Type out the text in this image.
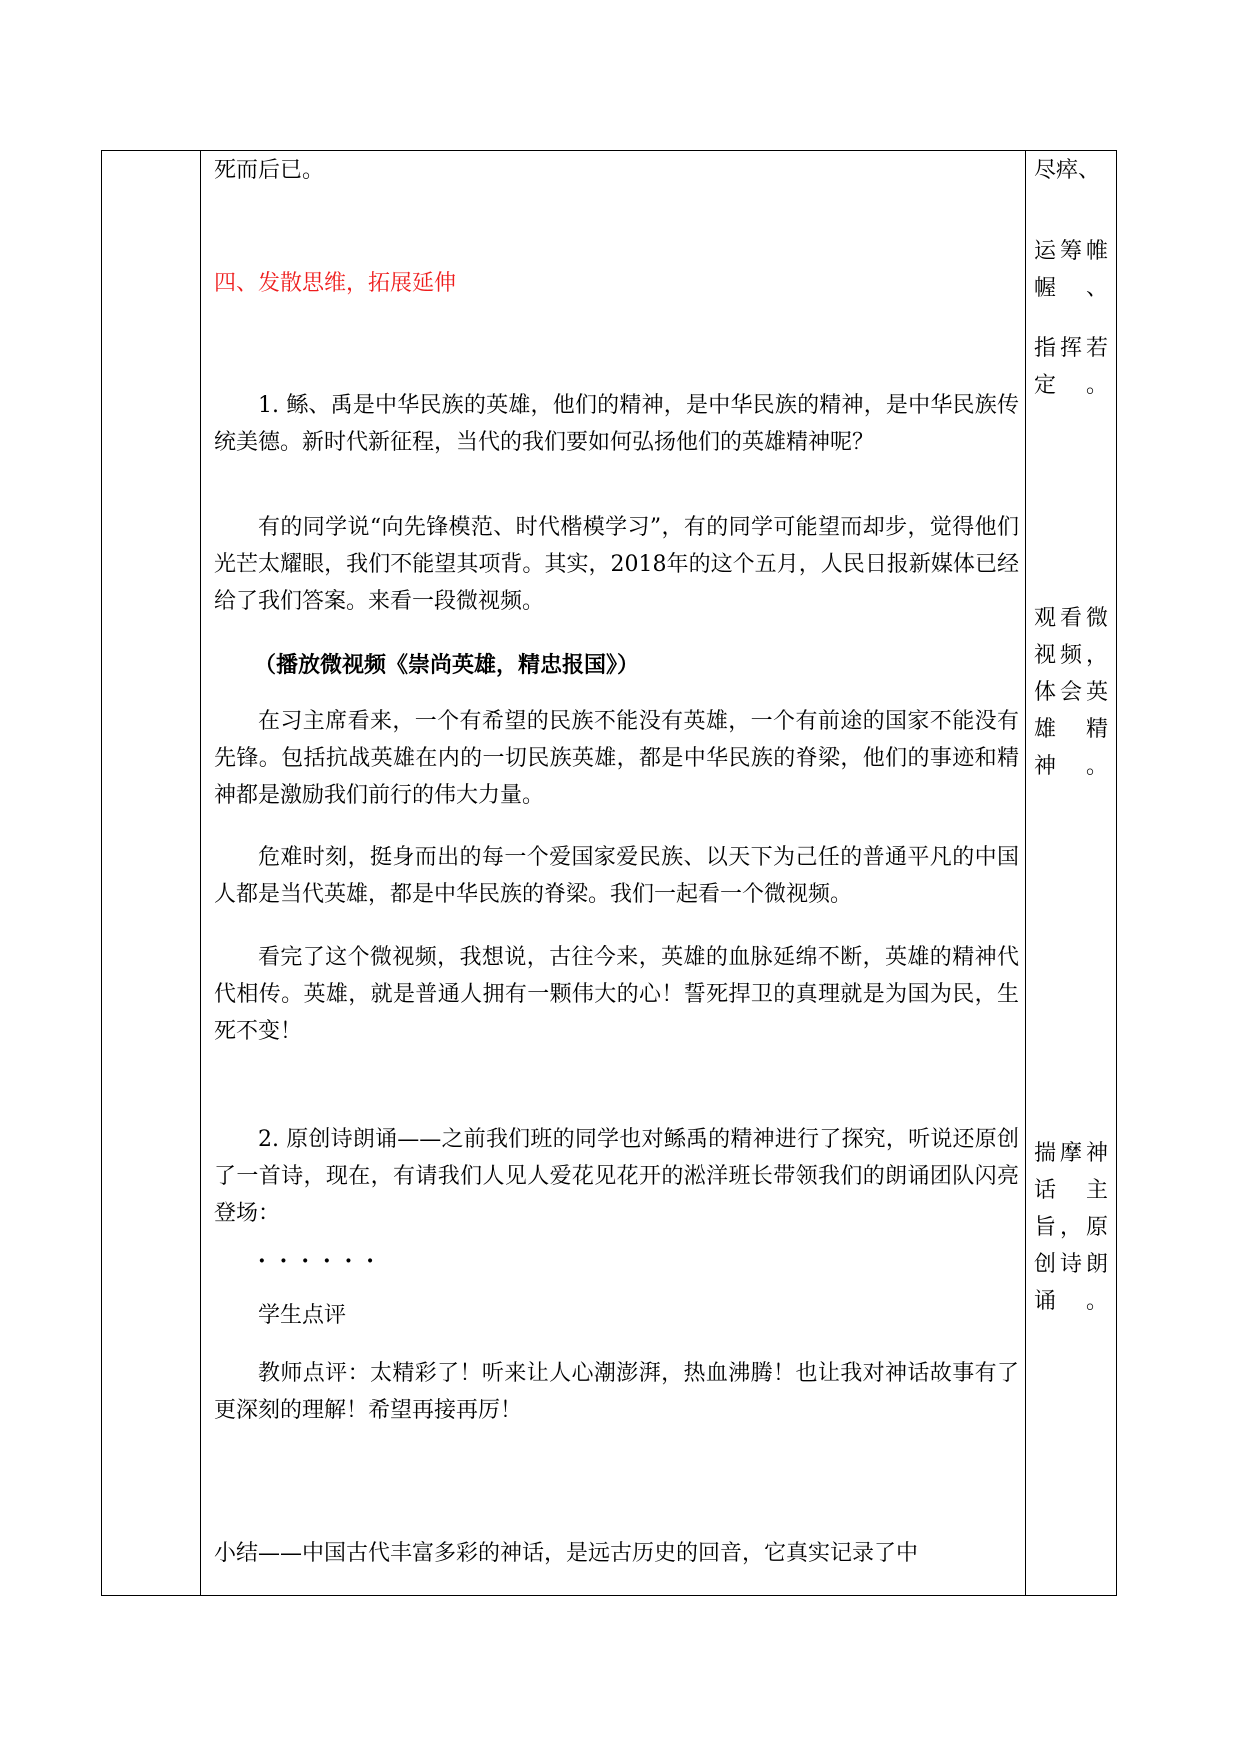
死而后已。

四、发散思维，拓展延伸

1. 鲧、禹是中华民族的英雄，他们的精神，是中华民族的精神，是中华民族传统美德。新时代新征程，当代的我们要如何弘扬他们的英雄精神呢？

有的同学说“向先锋模范、时代楷模学习”，有的同学可能望而却步，觉得他们光芒太耀眼，我们不能望其项背。其实，2018年的这个五月，人民日报新媒体已经给了我们答案。来看一段微视频。

（播放微视频《崇尚英雄，精忠报国》）

在习主席看来，一个有希望的民族不能没有英雄，一个有前途的国家不能没有先锋。包括抗战英雄在内的一切民族英雄，都是中华民族的脊梁，他们的事迹和精神都是激励我们前行的伟大力量。

危难时刻，挺身而出的每一个爱国家爱民族、以天下为己任的普通平凡的中国人都是当代英雄，都是中华民族的脊梁。我们一起看一个微视频。

看完了这个微视频，我想说，古往今来，英雄的血脉延绵不断，英雄的精神代代相传。英雄，就是普通人拥有一颗伟大的心！誓死捍卫的真理就是为国为民，生死不变！

2. 原创诗朗诵——之前我们班的同学也对鲧禹的精神进行了探究，听说还原创了一首诗，现在，有请我们人见人爱花见花开的淞洋班长带领我们的朗诵团队闪亮登场：

······

学生点评

教师点评：太精彩了！听来让人心潮澎湃，热血沸腾！也让我对神话故事有了更深刻的理解！希望再接再厉！

小结——中国古代丰富多彩的神话，是远古历史的回音，它真实记录了中

尽瘁、

运筹帷幄、

指挥若定。

观看微视频，体会英雄精神。

揣摩神话主旨，原创诗朗诵。
